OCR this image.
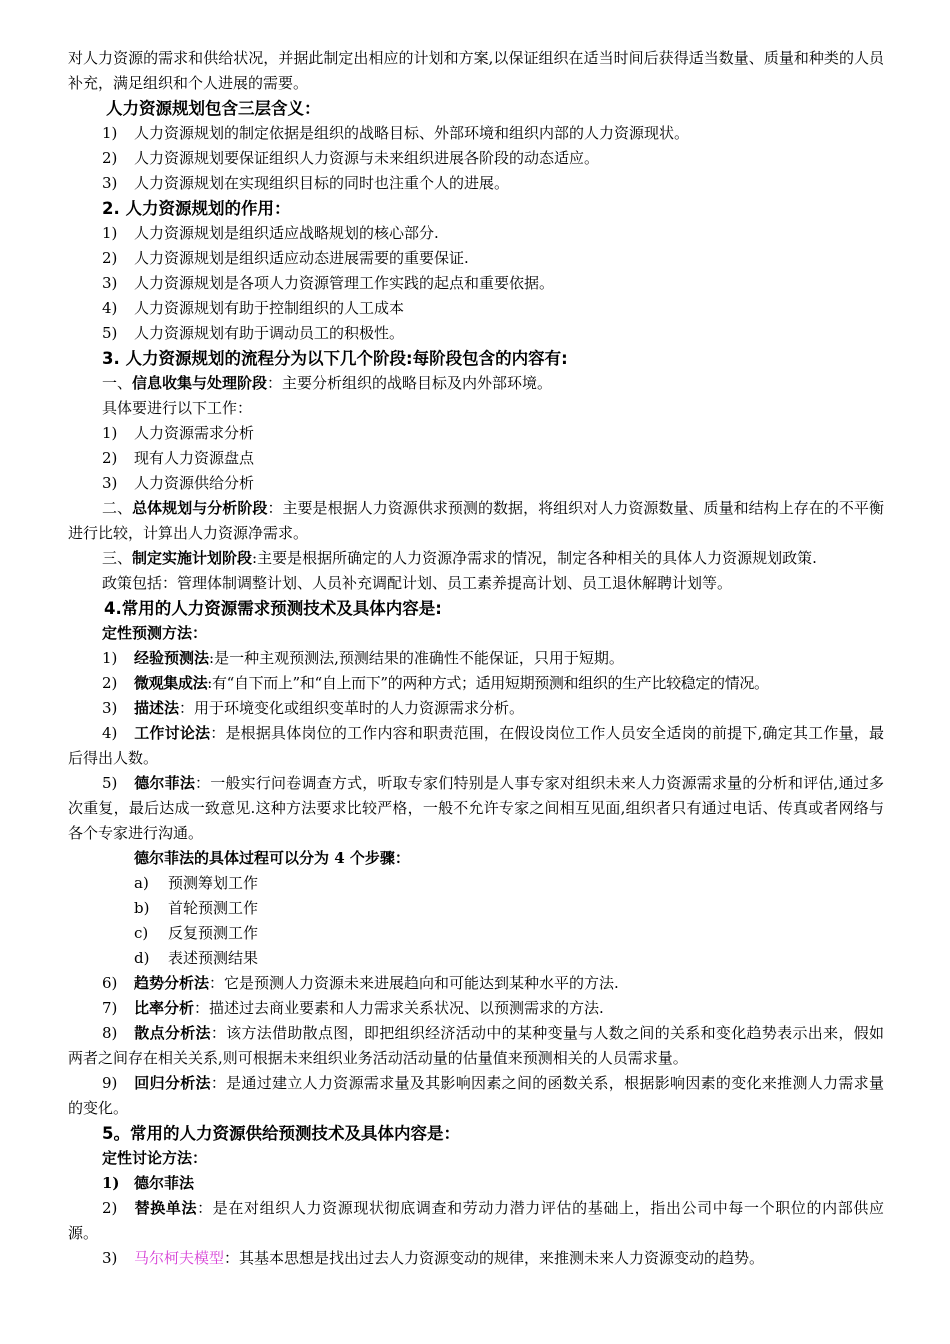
对人力资源的需求和供给状况，并据此制定出相应的计划和方案,以保证组织在适当时间后获得适当数量、质量和种类的人员补充，满足组织和个人进展的需要。
人力资源规划包含三层含义：
1)	人力资源规划的制定依据是组织的战略目标、外部环境和组织内部的人力资源现状。
2)	人力资源规划要保证组织人力资源与未来组织进展各阶段的动态适应。
3)	人力资源规划在实现组织目标的同时也注重个人的进展。
2. 人力资源规划的作用：
1)	人力资源规划是组织适应战略规划的核心部分.
2)	人力资源规划是组织适应动态进展需要的重要保证.
3)	人力资源规划是各项人力资源管理工作实践的起点和重要依据。
4)	人力资源规划有助于控制组织的人工成本
5)	人力资源规划有助于调动员工的积极性。
3. 人力资源规划的流程分为以下几个阶段:每阶段包含的内容有:
一、信息收集与处理阶段：主要分析组织的战略目标及内外部环境。
具体要进行以下工作：
1)	人力资源需求分析
2)	现有人力资源盘点
3)	人力资源供给分析
二、总体规划与分析阶段：主要是根据人力资源供求预测的数据，将组织对人力资源数量、质量和结构上存在的不平衡进行比较，计算出人力资源净需求。
三、制定实施计划阶段:主要是根据所确定的人力资源净需求的情况，制定各种相关的具体人力资源规划政策.
政策包括：管理体制调整计划、人员补充调配计划、员工素养提高计划、员工退休解聘计划等。
4.常用的人力资源需求预测技术及具体内容是:
定性预测方法：
1)	经验预测法:是一种主观预测法,预测结果的准确性不能保证，只用于短期。
2)	微观集成法:有“自下而上”和“自上而下”的两种方式；适用短期预测和组织的生产比较稳定的情况。
3)	描述法：用于环境变化或组织变革时的人力资源需求分析。
4) 工作讨论法：是根据具体岗位的工作内容和职责范围，在假设岗位工作人员安全适岗的前提下,确定其工作量，最后得出人数。
5) 德尔菲法：一般实行问卷调查方式，听取专家们特别是人事专家对组织未来人力资源需求量的分析和评估,通过多次重复，最后达成一致意见.这种方法要求比较严格，一般不允许专家之间相互见面,组织者只有通过电话、传真或者网络与各个专家进行沟通。
德尔菲法的具体过程可以分为 4 个步骤：
a)	预测筹划工作
b)	首轮预测工作
c)	反复预测工作
d)	表述预测结果
6)	趋势分析法：它是预测人力资源未来进展趋向和可能达到某种水平的方法.
7)	比率分析：描述过去商业要素和人力需求关系状况、以预测需求的方法.
8) 散点分析法：该方法借助散点图，即把组织经济活动中的某种变量与人数之间的关系和变化趋势表示出来，假如两者之间存在相关关系,则可根据未来组织业务活动活动量的估量值来预测相关的人员需求量。
9) 回归分析法：是通过建立人力资源需求量及其影响因素之间的函数关系，根据影响因素的变化来推测人力需求量的变化。
5。常用的人力资源供给预测技术及具体内容是：
定性讨论方法：
1) 德尔菲法
2) 替换单法：是在对组织人力资源现状彻底调查和劳动力潜力评估的基础上，指出公司中每一个职位的内部供应源。
3)	马尔柯夫模型：其基本思想是找出过去人力资源变动的规律，来推测未来人力资源变动的趋势。
